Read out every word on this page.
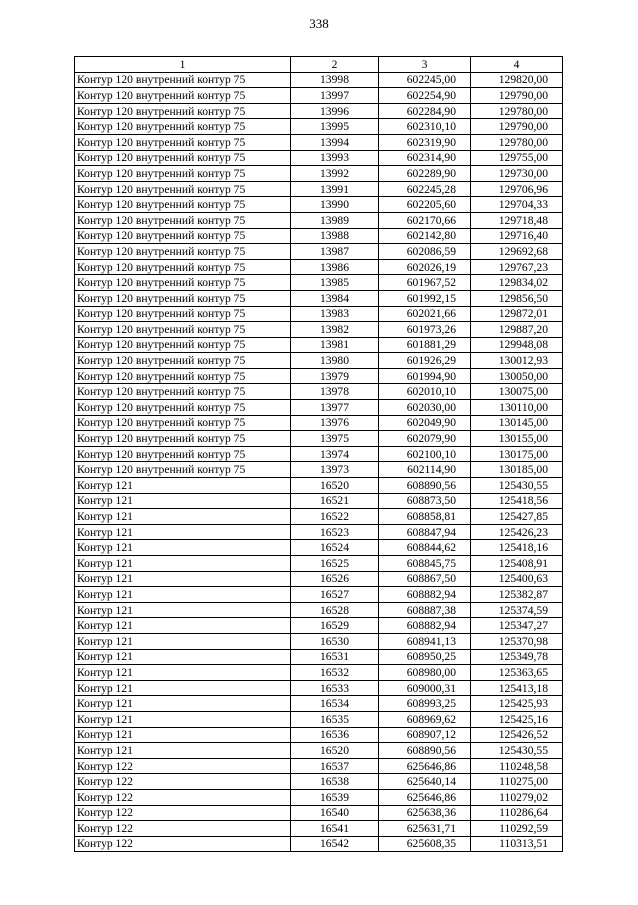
338
1	2	3	4
Контур 120 внутренний контур 75	13998	602245,00	129820,00
Контур 120 внутренний контур 75	13997	602254,90	129790,00
Контур 120 внутренний контур 75	13996	602284,90	129780,00
Контур 120 внутренний контур 75	13995	602310,10	129790,00
Контур 120 внутренний контур 75	13994	602319,90	129780,00
Контур 120 внутренний контур 75	13993	602314,90	129755,00
Контур 120 внутренний контур 75	13992	602289,90	129730,00
Контур 120 внутренний контур 75	13991	602245,28	129706,96
Контур 120 внутренний контур 75	13990	602205,60	129704,33
Контур 120 внутренний контур 75	13989	602170,66	129718,48
Контур 120 внутренний контур 75	13988	602142,80	129716,40
Контур 120 внутренний контур 75	13987	602086,59	129692,68
Контур 120 внутренний контур 75	13986	602026,19	129767,23
Контур 120 внутренний контур 75	13985	601967,52	129834,02
Контур 120 внутренний контур 75	13984	601992,15	129856,50
Контур 120 внутренний контур 75	13983	602021,66	129872,01
Контур 120 внутренний контур 75	13982	601973,26	129887,20
Контур 120 внутренний контур 75	13981	601881,29	129948,08
Контур 120 внутренний контур 75	13980	601926,29	130012,93
Контур 120 внутренний контур 75	13979	601994,90	130050,00
Контур 120 внутренний контур 75	13978	602010,10	130075,00
Контур 120 внутренний контур 75	13977	602030,00	130110,00
Контур 120 внутренний контур 75	13976	602049,90	130145,00
Контур 120 внутренний контур 75	13975	602079,90	130155,00
Контур 120 внутренний контур 75	13974	602100,10	130175,00
Контур 120 внутренний контур 75	13973	602114,90	130185,00
Контур 121	16520	608890,56	125430,55
Контур 121	16521	608873,50	125418,56
Контур 121	16522	608858,81	125427,85
Контур 121	16523	608847,94	125426,23
Контур 121	16524	608844,62	125418,16
Контур 121	16525	608845,75	125408,91
Контур 121	16526	608867,50	125400,63
Контур 121	16527	608882,94	125382,87
Контур 121	16528	608887,38	125374,59
Контур 121	16529	608882,94	125347,27
Контур 121	16530	608941,13	125370,98
Контур 121	16531	608950,25	125349,78
Контур 121	16532	608980,00	125363,65
Контур 121	16533	609000,31	125413,18
Контур 121	16534	608993,25	125425,93
Контур 121	16535	608969,62	125425,16
Контур 121	16536	608907,12	125426,52
Контур 121	16520	608890,56	125430,55
Контур 122	16537	625646,86	110248,58
Контур 122	16538	625640,14	110275,00
Контур 122	16539	625646,86	110279,02
Контур 122	16540	625638,36	110286,64
Контур 122	16541	625631,71	110292,59
Контур 122	16542	625608,35	110313,51
